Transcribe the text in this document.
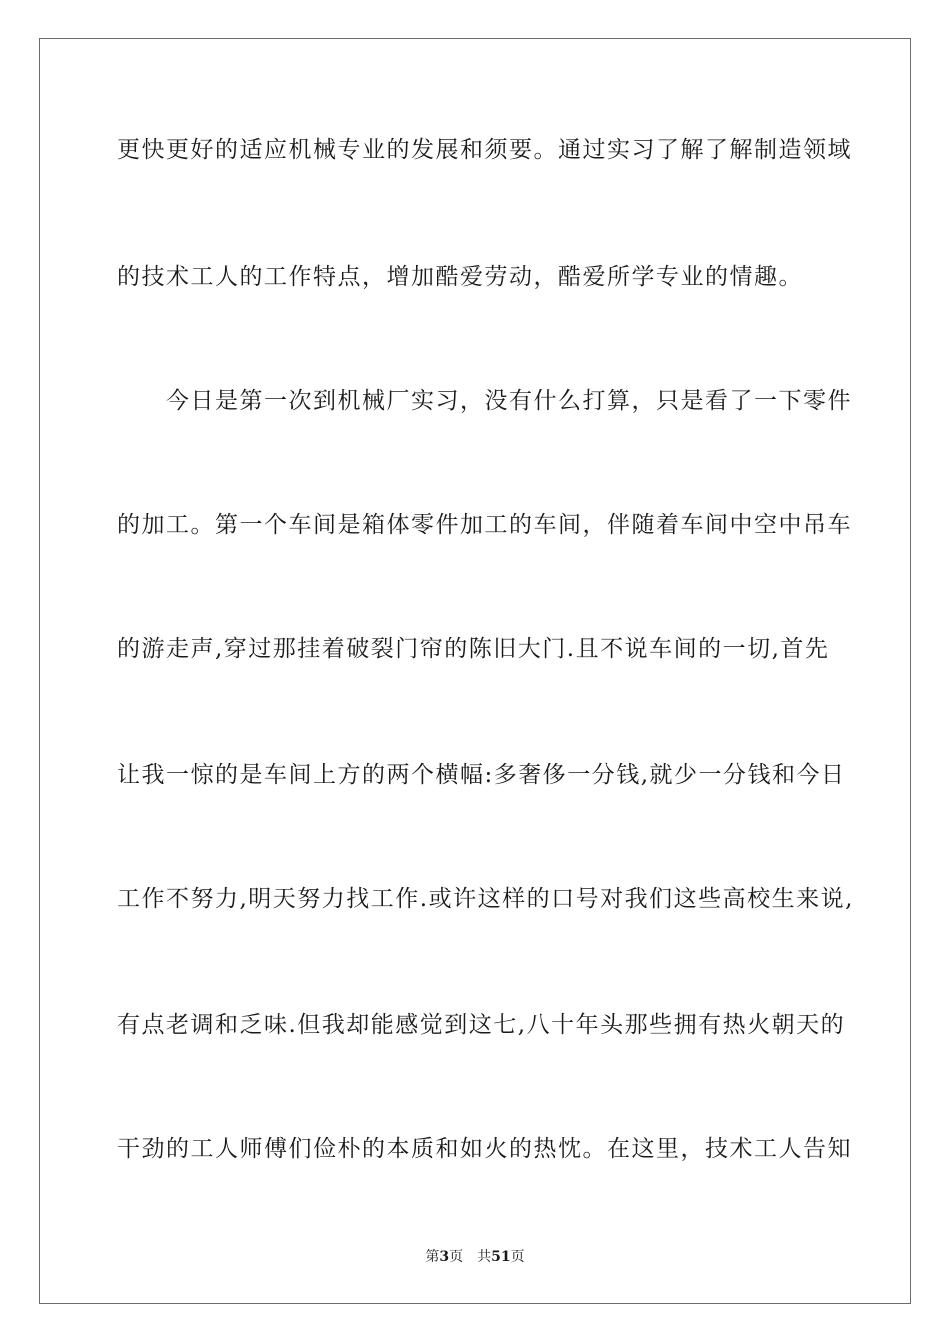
更快更好的适应机械专业的发展和须要。通过实习了解了解制造领域
的技术工人的工作特点，增加酷爱劳动，酷爱所学专业的情趣。
　　今日是第一次到机械厂实习，没有什么打算，只是看了一下零件
的加工。第一个车间是箱体零件加工的车间，伴随着车间中空中吊车
的游走声,穿过那挂着破裂门帘的陈旧大门.且不说车间的一切,首先
让我一惊的是车间上方的两个横幅:多奢侈一分钱,就少一分钱和今日
工作不努力,明天努力找工作.或许这样的口号对我们这些高校生来说,
有点老调和乏味.但我却能感觉到这七,八十年头那些拥有热火朝天的
干劲的工人师傅们俭朴的本质和如火的热忱。在这里，技术工人告知
第3页 共51页
